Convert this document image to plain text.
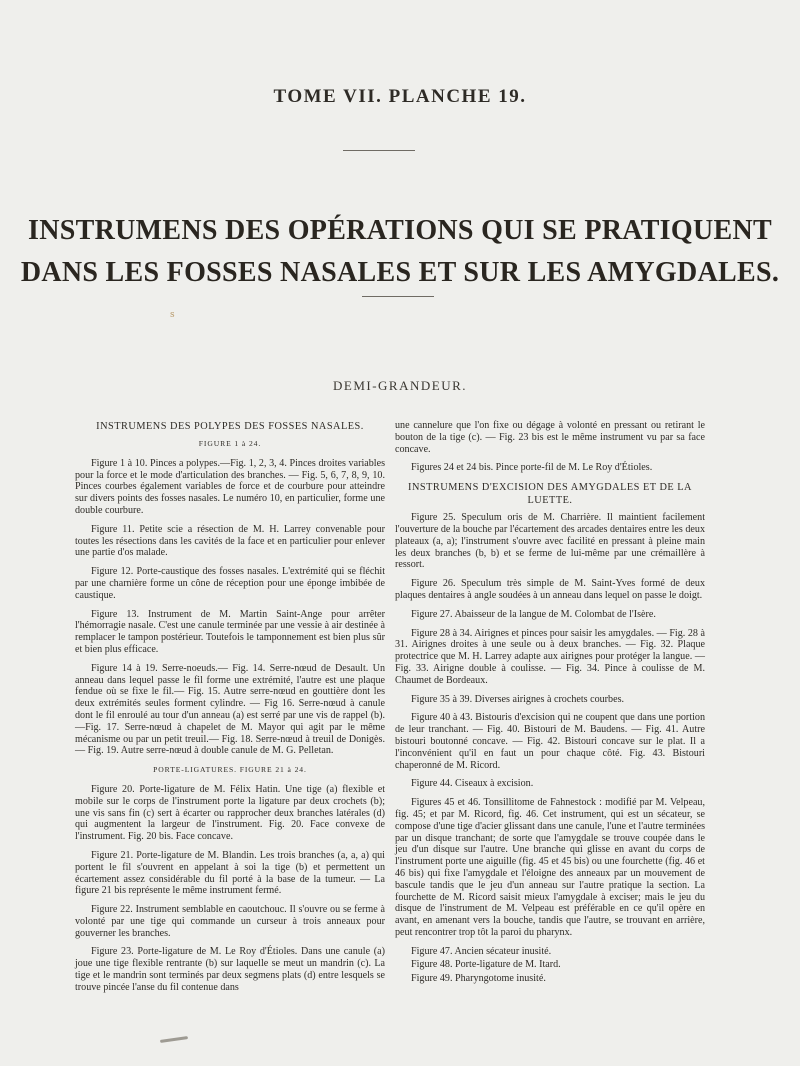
TOME VII. PLANCHE 19.
INSTRUMENS DES OPÉRATIONS QUI SE PRATIQUENT
DANS LES FOSSES NASALES ET SUR LES AMYGDALES.
s
DEMI-GRANDEUR.
INSTRUMENS DES POLYPES DES FOSSES NASALES.
FIGURE 1 à 24.

Figure 1 à 10. Pinces a polypes.—Fig. 1, 2, 3, 4. Pinces droites variables pour la force et le mode d'articulation des branches. — Fig. 5, 6, 7, 8, 9, 10. Pinces courbes également variables de force et de courbure pour atteindre sur divers points des fosses nasales. Le numéro 10, en particulier, forme une double courbure.

Figure 11. Petite scie a résection de M. H. Larrey convenable pour toutes les résections dans les cavités de la face et en particulier pour enlever une partie d'os malade.

Figure 12. Porte-caustique des fosses nasales. L'extrémité qui se fléchit par une charnière forme un cône de réception pour une éponge imbibée de caustique.

Figure 13. Instrument de M. Martin Saint-Ange pour arrêter l'hémorragie nasale. C'est une canule terminée par une vessie à air destinée à remplacer le tampon postérieur. Toutefois le tamponnement est bien plus sûr et bien plus efficace.

Figure 14 à 19. Serre-noeuds.— Fig. 14. Serre-nœud de Desault. Un anneau dans lequel passe le fil forme une extrémité, l'autre est une plaque fendue où se fixe le fil.— Fig. 15. Autre serre-nœud en gouttière dont les deux extrémités seules forment cylindre. — Fig 16. Serre-nœud à canule dont le fil enroulé au tour d'un anneau (a) est serré par une vis de rappel (b).—Fig. 17. Serre-nœud à chapelet de M. Mayor qui agit par le même mécanisme ou par un petit treuil.— Fig. 18. Serre-nœud à treuil de Donigès. — Fig. 19. Autre serre-nœud à double canule de M. G. Pelletan.

PORTE-LIGATURES. FIGURE 21 à 24.

Figure 20. Porte-ligature de M. Félix Hatin. Une tige (a) flexible et mobile sur le corps de l'instrument porte la ligature par deux crochets (b); une vis sans fin (c) sert à écarter ou rapprocher deux branches latérales (d) qui augmentent la largeur de l'instrument. Fig. 20. Face convexe de l'instrument. Fig. 20 bis. Face concave.

Figure 21. Porte-ligature de M. Blandin. Les trois branches (a, a, a) qui portent le fil s'ouvrent en appelant à soi la tige (b) et permettent un écartement assez considérable du fil porté à la base de la tumeur. — La figure 21 bis représente le même instrument fermé.

Figure 22. Instrument semblable en caoutchouc. Il s'ouvre ou se ferme à volonté par une tige qui commande un curseur à trois anneaux pour gouverner les branches.

Figure 23. Porte-ligature de M. Le Roy d'Étioles. Dans une canule (a) joue une tige flexible rentrante (b) sur laquelle se meut un mandrin (c). La tige et le mandrin sont terminés par deux segmens plats (d) entre lesquels se trouve pincée l'anse du fil contenue dans

une cannelure que l'on fixe ou dégage à volonté en pressant ou retirant le bouton de la tige (c). — Fig. 23 bis est le même instrument vu par sa face concave.

Figures 24 et 24 bis. Pince porte-fil de M. Le Roy d'Étioles.

INSTRUMENS D'EXCISION DES AMYGDALES ET DE LA LUETTE.

Figure 25. Speculum oris de M. Charrière. Il maintient facilement l'ouverture de la bouche par l'écartement des arcades dentaires entre les deux plateaux (a, a); l'instrument s'ouvre avec facilité en pressant à pleine main les deux branches (b, b) et se ferme de lui-même par une crémaillère à ressort.

Figure 26. Speculum très simple de M. Saint-Yves formé de deux plaques dentaires à angle soudées à un anneau dans lequel on passe le doigt.

Figure 27. Abaisseur de la langue de M. Colombat de l'Isère.

Figure 28 à 34. Airignes et pinces pour saisir les amygdales. — Fig. 28 à 31. Airignes droites à une seule ou à deux branches. — Fig. 32. Plaque protectrice que M. H. Larrey adapte aux airignes pour protéger la langue. — Fig. 33. Airigne double à coulisse. — Fig. 34. Pince à coulisse de M. Chaumet de Bordeaux.

Figure 35 à 39. Diverses airignes à crochets courbes.

Figure 40 à 43. Bistouris d'excision qui ne coupent que dans une portion de leur tranchant. — Fig. 40. Bistouri de M. Baudens. — Fig. 41. Autre bistouri boutonné concave. — Fig. 42. Bistouri concave sur le plat. Il a l'inconvénient qu'il en faut un pour chaque côté. Fig. 43. Bistouri chaperonné de M. Ricord.

Figure 44. Ciseaux à excision.

Figures 45 et 46. Tonsillitome de Fahnestock : modifié par M. Velpeau, fig. 45; et par M. Ricord, fig. 46. Cet instrument, qui est un sécateur, se compose d'une tige d'acier glissant dans une canule, l'une et l'autre terminées par un disque tranchant; de sorte que l'amygdale se trouve coupée dans le jeu d'un disque sur l'autre. Une branche qui glisse en avant du corps de l'instrument porte une aiguille (fig. 45 et 45 bis) ou une fourchette (fig. 46 et 46 bis) qui fixe l'amygdale et l'éloigne des anneaux par un mouvement de bascule tandis que le jeu d'un anneau sur l'autre pratique la section. La fourchette de M. Ricord saisit mieux l'amygdale à exciser; mais le jeu du disque de l'instrument de M. Velpeau est préférable en ce qu'il opère en avant, en amenant vers la bouche, tandis que l'autre, se trouvant en arrière, peut rencontrer trop tôt la paroi du pharynx.

Figure 47. Ancien sécateur inusité.

Figure 48. Porte-ligature de M. Itard.

Figure 49. Pharyngotome inusité.
